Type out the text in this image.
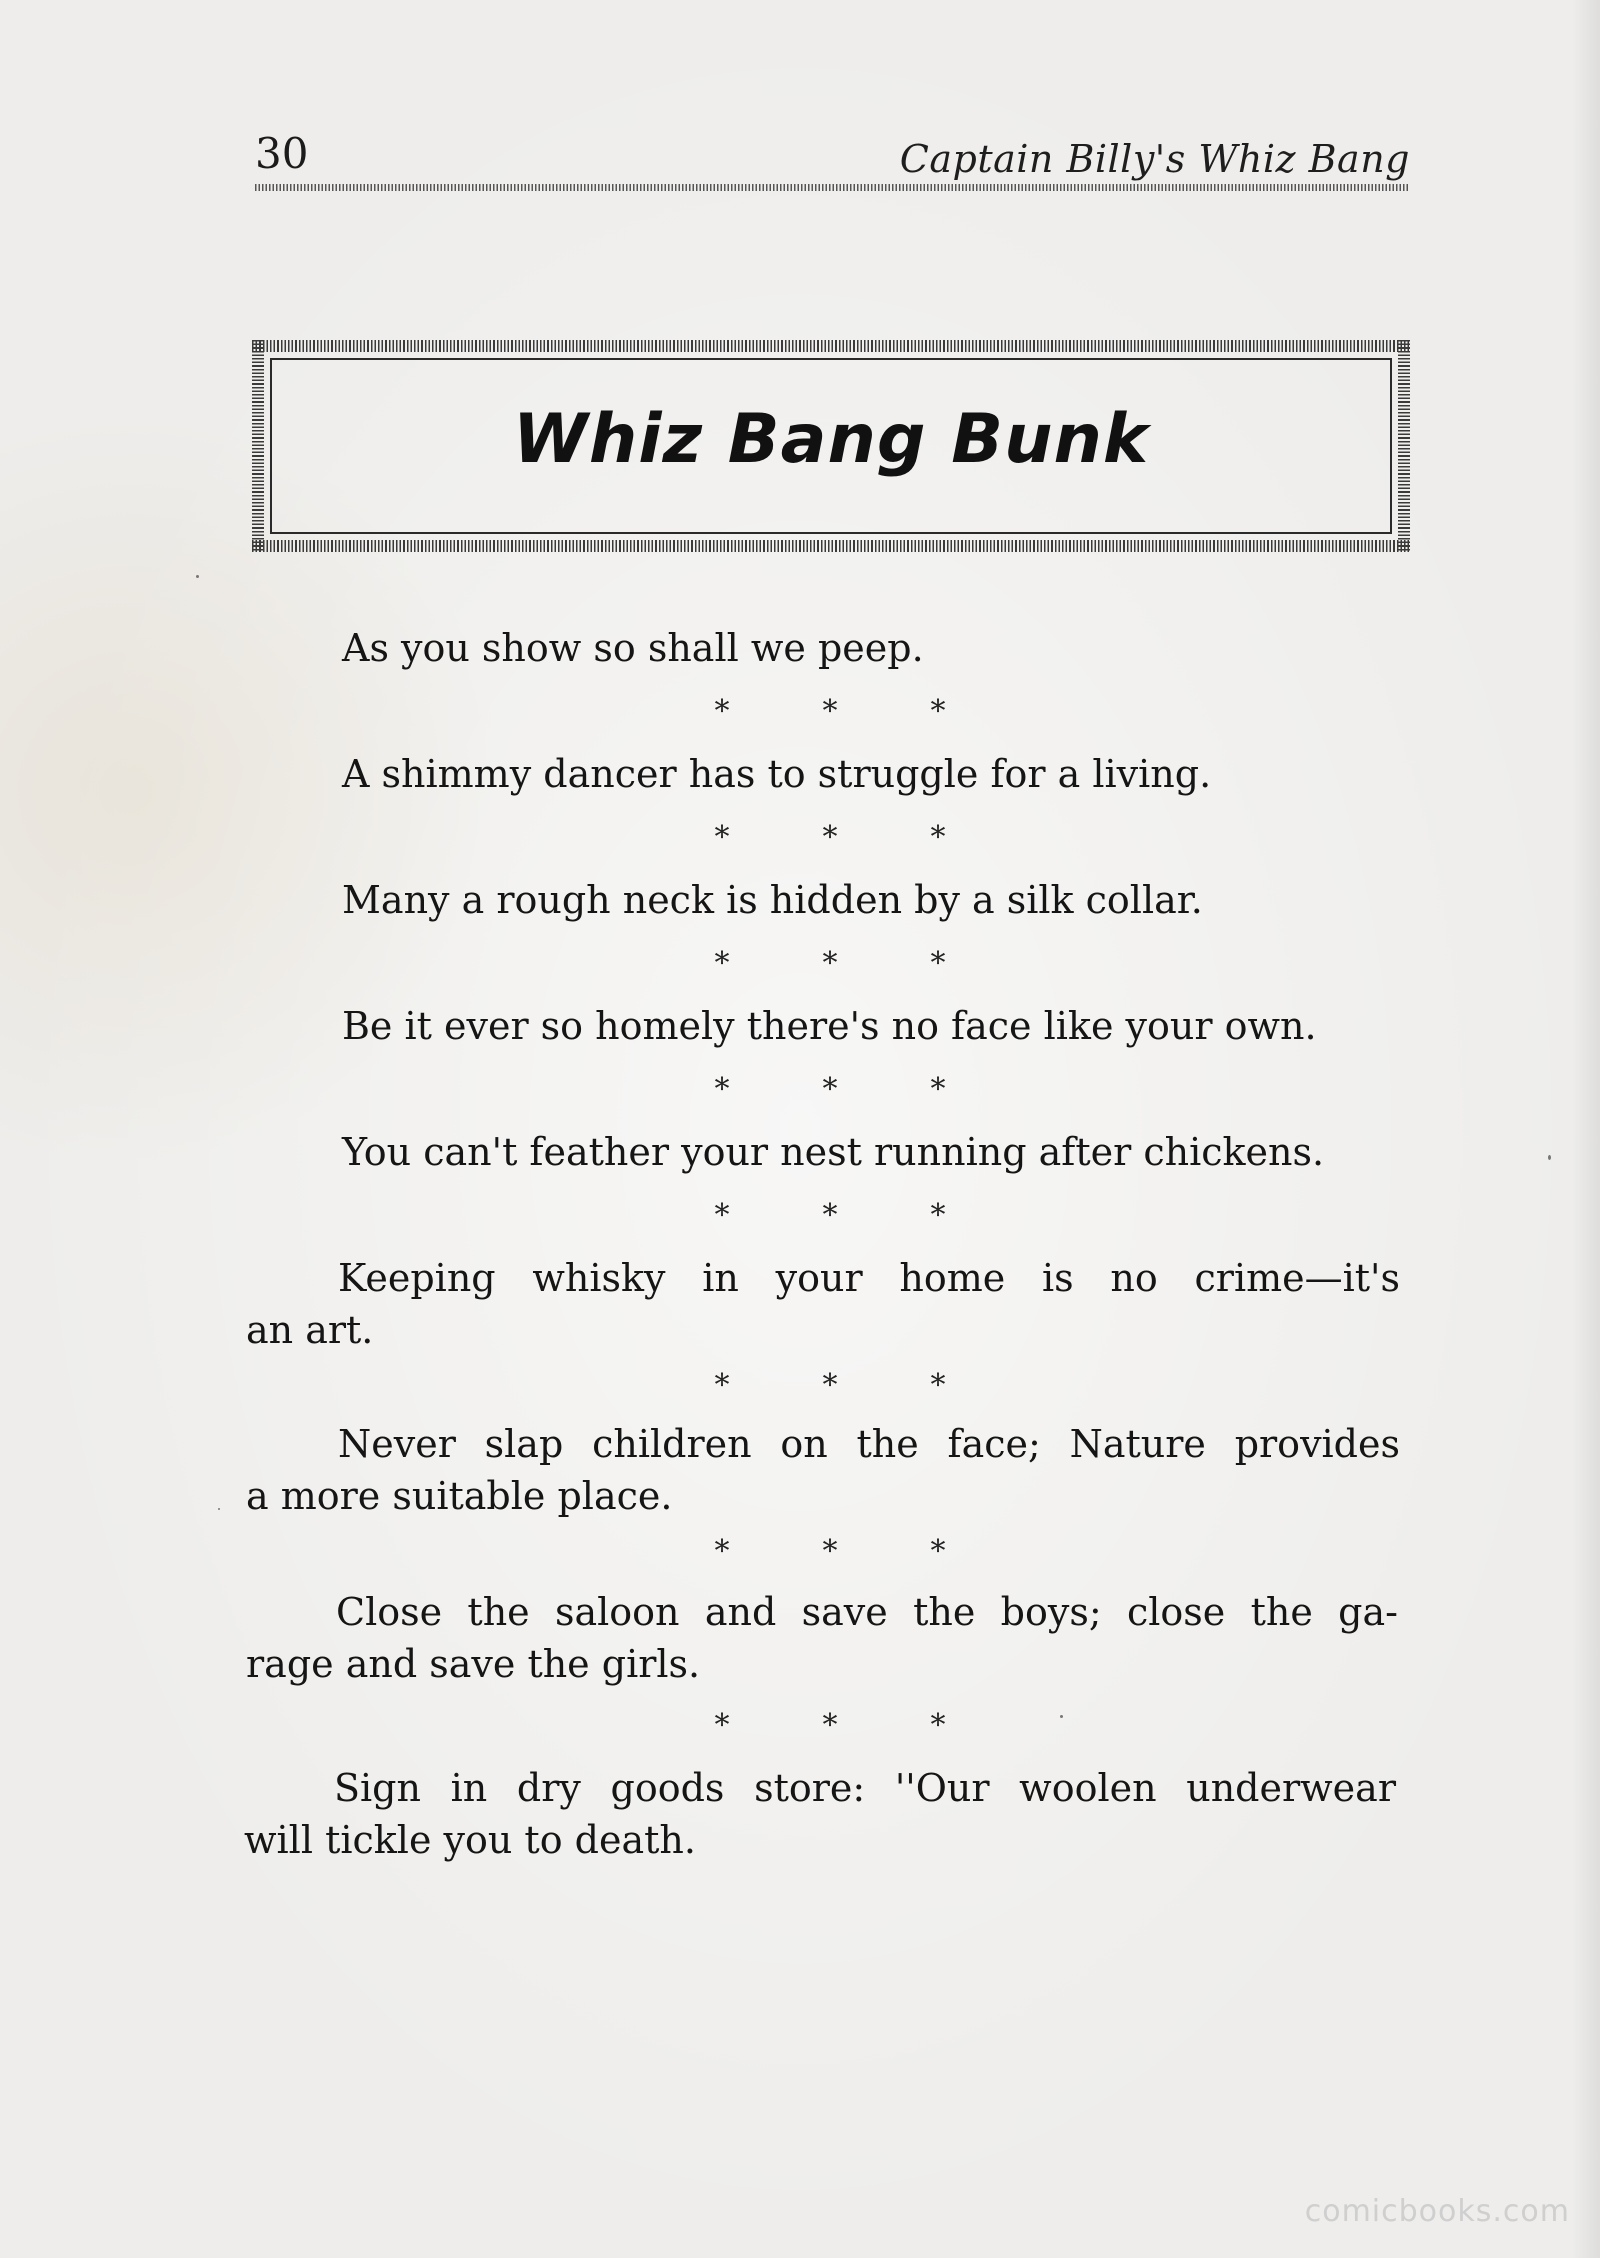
30	Captain Billy's Whiz Bang
Whiz Bang Bunk
As you show so shall we peep.
*	*	*
A shimmy dancer has to struggle for a living.
*	*	*
Many a rough neck is hidden by a silk collar.
*	*	*
Be it ever so homely there's no face like your own.
*	*	*
You can't feather your nest running after chickens.
*	*	*
Keeping whisky in your home is no crime—it's
an art.
*	*	*
Never slap children on the face; Nature provides
a more suitable place.
*	*	*
Close the saloon and save the boys; close the ga-
rage and save the girls.
*	*	*
Sign in dry goods store: ''Our woolen underwear
will tickle you to death.
comicbooks.com
